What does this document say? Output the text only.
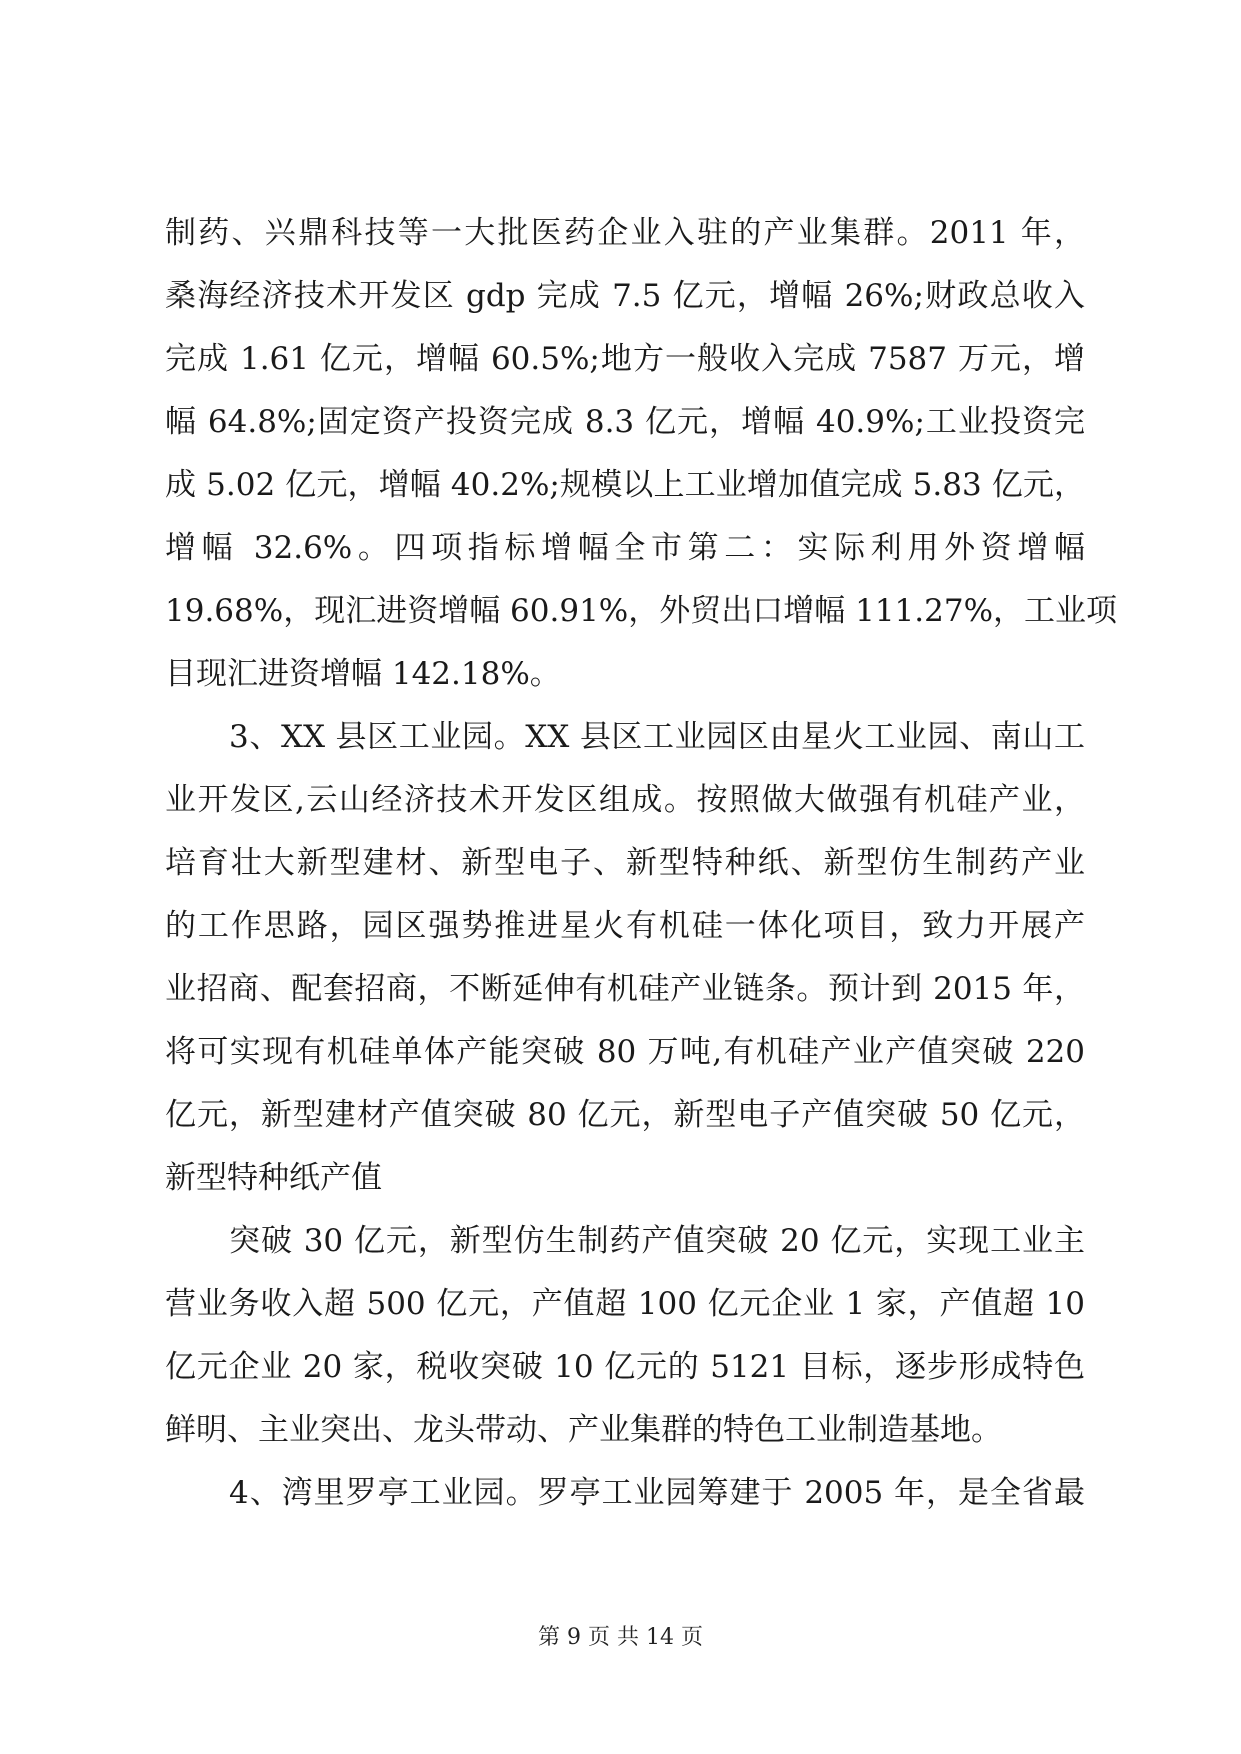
制药、兴鼎科技等一大批医药企业入驻的产业集群。2011 年，
桑海经济技术开发区 gdp 完成 7.5 亿元，增幅 26%;财政总收入
完成 1.61 亿元，增幅 60.5%;地方一般收入完成 7587 万元，增
幅 64.8%;固定资产投资完成 8.3 亿元，增幅 40.9%;工业投资完
成 5.02 亿元，增幅 40.2%;规模以上工业增加值完成 5.83 亿元，
增幅 32.6%。四项指标增幅全市第二：实际利用外资增幅
19.68%，现汇进资增幅 60.91%，外贸出口增幅 111.27%，工业项
目现汇进资增幅 142.18%。
3、XX 县区工业园。XX 县区工业园区由星火工业园、南山工
业开发区,云山经济技术开发区组成。按照做大做强有机硅产业，
培育壮大新型建材、新型电子、新型特种纸、新型仿生制药产业
的工作思路，园区强势推进星火有机硅一体化项目，致力开展产
业招商、配套招商，不断延伸有机硅产业链条。预计到 2015 年，
将可实现有机硅单体产能突破 80 万吨,有机硅产业产值突破 220
亿元，新型建材产值突破 80 亿元，新型电子产值突破 50 亿元，
新型特种纸产值
突破 30 亿元，新型仿生制药产值突破 20 亿元，实现工业主
营业务收入超 500 亿元，产值超 100 亿元企业 1 家，产值超 10
亿元企业 20 家，税收突破 10 亿元的 5121 目标，逐步形成特色
鲜明、主业突出、龙头带动、产业集群的特色工业制造基地。
4、湾里罗亭工业园。罗亭工业园筹建于 2005 年，是全省最
第 9 页 共 14 页
